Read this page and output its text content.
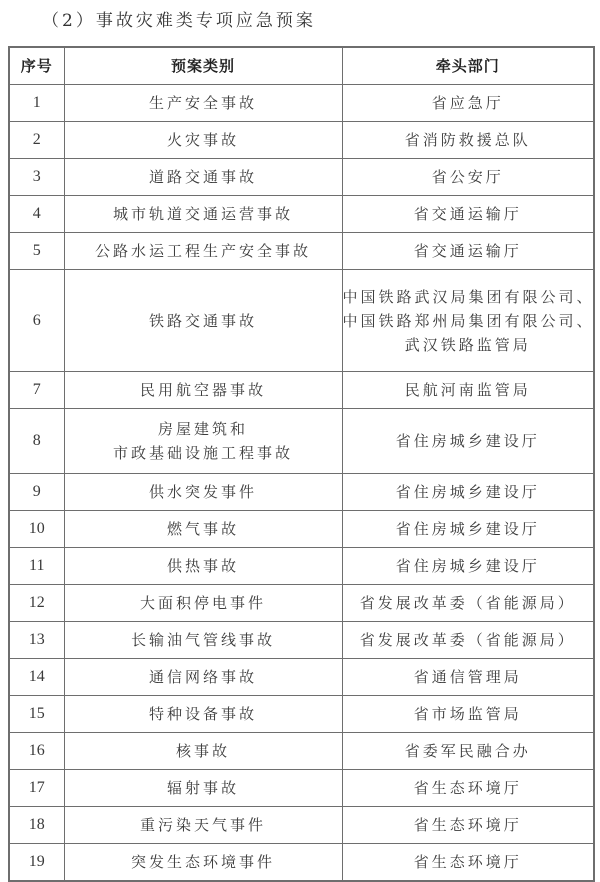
（2）事故灾难类专项应急预案
序号	预案类别	牵头部门
1	生产安全事故	省应急厅

2	火灾事故	省消防救援总队

3	道路交通事故	省公安厅

4	城市轨道交通运营事故	省交通运输厅

5	公路水运工程生产安全事故	省交通运输厅

6	铁路交通事故	中国铁路武汉局集团有限公司、
中国铁路郑州局集团有限公司、
武汉铁路监管局

7	民用航空器事故	民航河南监管局

8	房屋建筑和
市政基础设施工程事故	省住房城乡建设厅

9	供水突发事件	省住房城乡建设厅

10	燃气事故	省住房城乡建设厅

11	供热事故	省住房城乡建设厅

12	大面积停电事件	省发展改革委（省能源局）

13	长输油气管线事故	省发展改革委（省能源局）

14	通信网络事故	省通信管理局

15	特种设备事故	省市场监管局

16	核事故	省委军民融合办

17	辐射事故	省生态环境厅

18	重污染天气事件	省生态环境厅

19	突发生态环境事件	省生态环境厅
